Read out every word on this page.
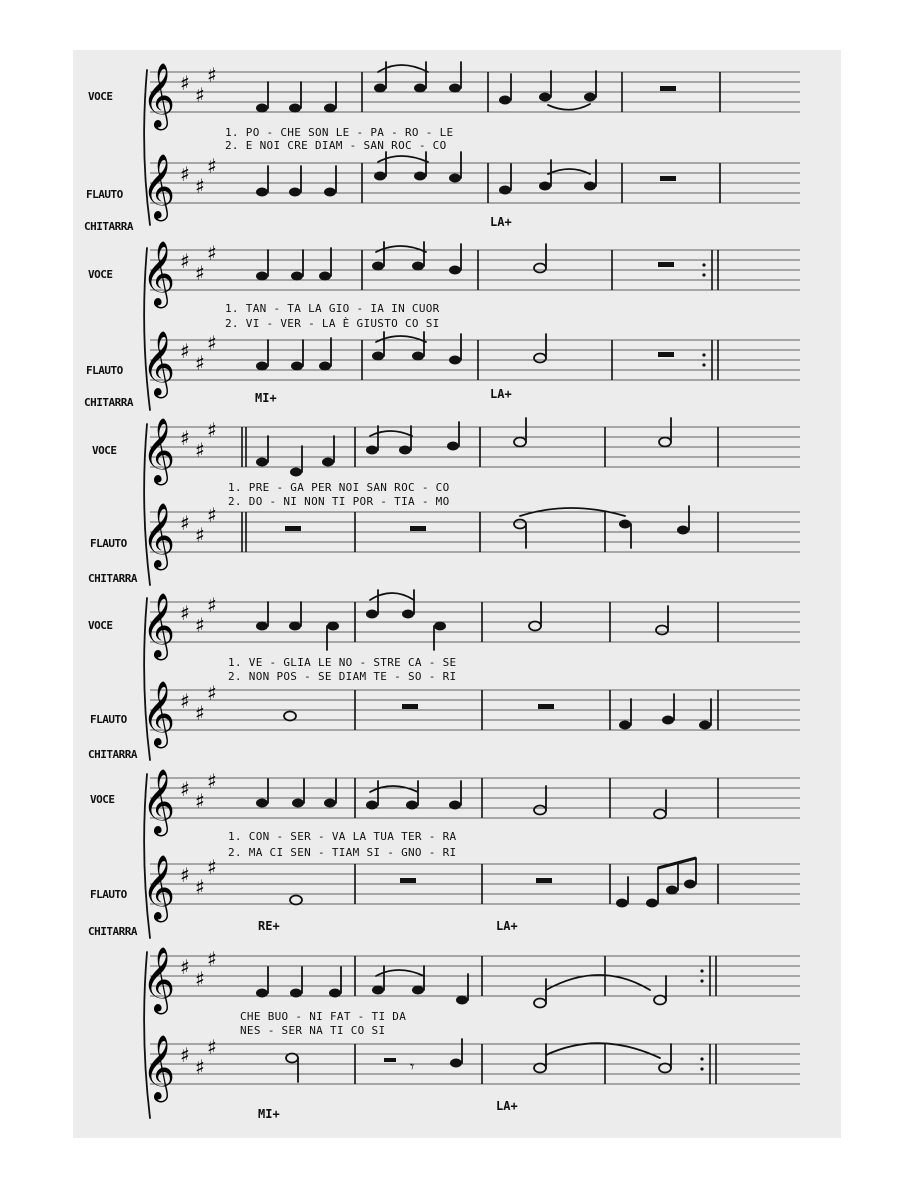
𝄞 ♯ ♯
♯
1. PO - CHE SON LE - PA - RO - LE
2. E NOI CRE DIAM - SAN ROC - CO
VOCE
𝄞 ♯ ♯
♯
FLAUTO
CHITARRA	LA+
𝄞 ♯ ♯
♯
1. TAN - TA LA GIO - IA IN CUOR
2. VI - VER - LA È GIUSTO CO SI
VOCE
𝄞 ♯ ♯
♯
FLAUTO
CHITARRA	MI+	LA+
𝄞 ♯ ♯
♯
1. PRE - GA PER NOI SAN ROC - CO
2. DO - NI NON TI POR - TIA - MO
VOCE
𝄞 ♯ ♯
♯
FLAUTO
CHITARRA
𝄞 ♯ ♯
♯
1. VE - GLIA LE NO - STRE CA - SE
2. NON POS - SE DIAM TE - SO - RI
VOCE
𝄞 ♯ ♯
♯
FLAUTO
CHITARRA
𝄞 ♯ ♯
♯
1. CON - SER - VA LA TUA TER - RA
2. MA CI SEN - TIAM SI - GNO - RI
VOCE
𝄞 ♯ ♯
♯
FLAUTO
CHITARRA	RE+	LA+
𝄞 ♯ ♯
♯
CHE BUO - NI FAT - TI DA
NES - SER NA TI CO SI
𝄞 ♯ ♯
♯
𝄾
MI+
LA+
